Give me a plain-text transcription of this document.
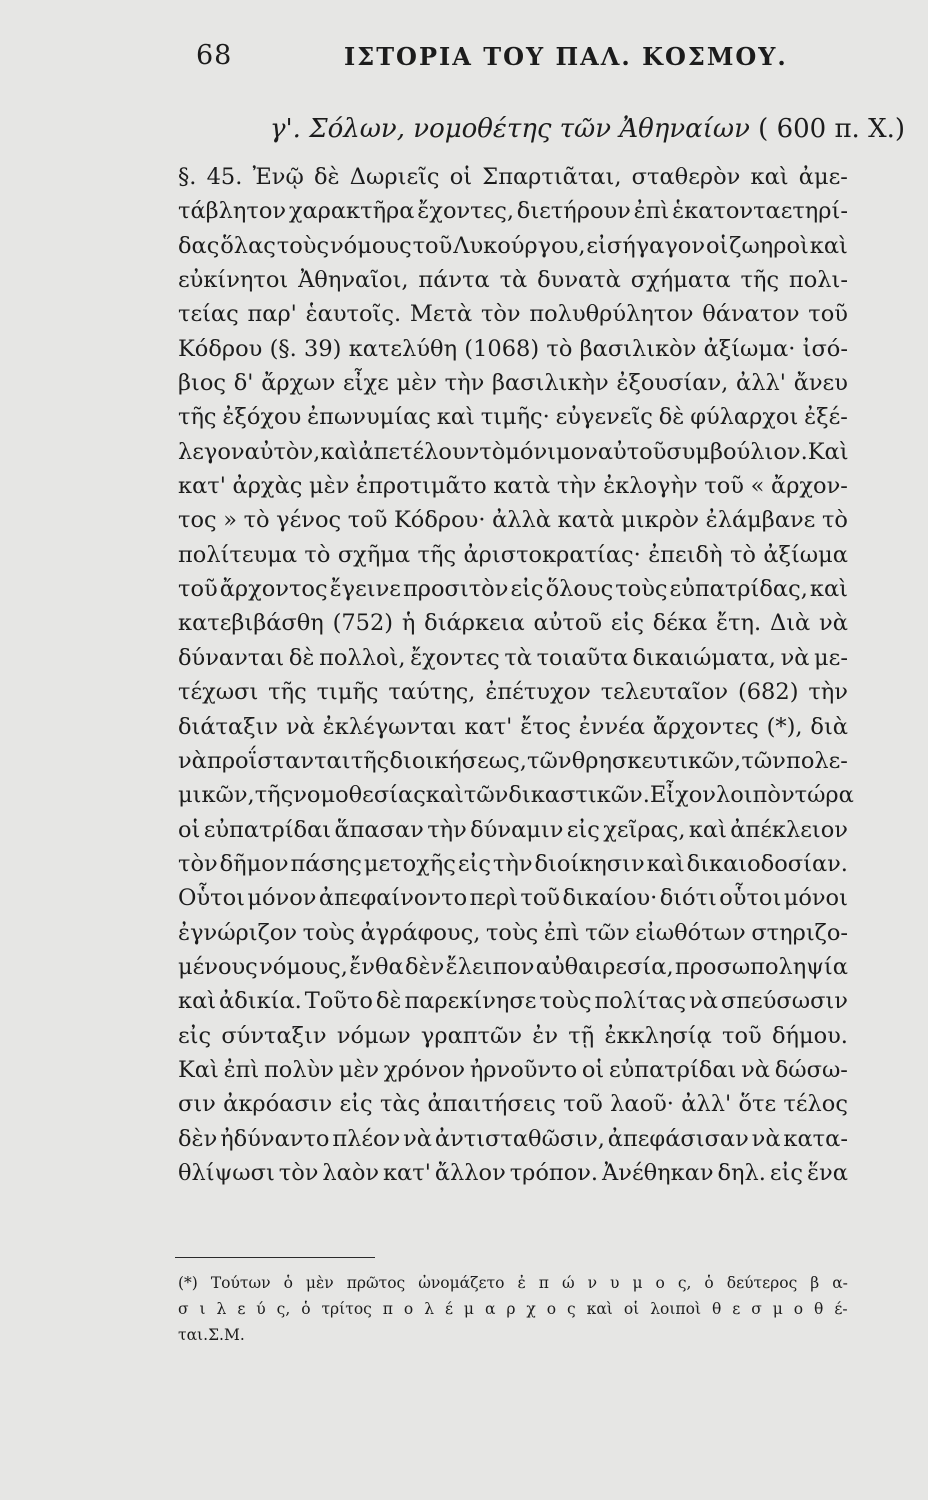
68	ΙΣΤΟΡΙΑ ΤΟΥ ΠΑΛ. ΚΟΣΜΟΥ.
γ'. Σόλων, νομοθέτης τῶν Ἀθηναίων ( 600 π. Χ.)
§. 45. Ἐνῷ δὲ Δωριεῖς οἱ Σπαρτιᾶται, σταθερὸν καὶ ἀμε-
τάβλητον χαρακτῆρα ἔχοντες, διετήρουν ἐπὶ ἑκατονταετηρί-
δας ὅλας τοὺς νόμους τοῦ Λυκούργου, εἰσήγαγον οἱ ζωηροὶ καὶ
εὐκίνητοι Ἀθηναῖοι, πάντα τὰ δυνατὰ σχήματα τῆς πολι-
τείας παρ' ἑαυτοῖς. Μετὰ τὸν πολυθρύλητον θάνατον τοῦ
Κόδρου (§. 39) κατελύθη (1068) τὸ βασιλικὸν ἀξίωμα· ἰσό-
βιος δ' ἄρχων εἶχε μὲν τὴν βασιλικὴν ἐξουσίαν, ἀλλ' ἄνευ
τῆς ἐξόχου ἐπωνυμίας καὶ τιμῆς· εὐγενεῖς δὲ φύλαρχοι ἐξέ-
λεγον αὐτὸν, καὶ ἀπετέλουν τὸ μόνιμον αὐτοῦ συμβούλιον. Καὶ
κατ' ἀρχὰς μὲν ἐπροτιμᾶτο κατὰ τὴν ἐκλογὴν τοῦ « ἄρχον-
τος » τὸ γένος τοῦ Κόδρου· ἀλλὰ κατὰ μικρὸν ἐλάμβανε τὸ
πολίτευμα τὸ σχῆμα τῆς ἀριστοκρατίας· ἐπειδὴ τὸ ἀξίωμα
τοῦ ἄρχοντος ἔγεινε προσιτὸν εἰς ὅλους τοὺς εὐπατρίδας, καὶ
κατεβιβάσθη (752) ἡ διάρκεια αὐτοῦ εἰς δέκα ἔτη. Διὰ νὰ
δύνανται δὲ πολλοὶ, ἔχοντες τὰ τοιαῦτα δικαιώματα, νὰ με-
τέχωσι τῆς τιμῆς ταύτης, ἐπέτυχον τελευταῖον (682) τὴν
διάταξιν νὰ ἐκλέγωνται κατ' ἔτος ἐννέα ἄρχοντες (*), διὰ
νὰ προΐστανται τῆς διοικήσεως, τῶν θρησκευτικῶν, τῶν πολε-
μικῶν, τῆς νομοθεσίας καὶ τῶν δικαστικῶν. Εἶχον λοιπὸν τώρα
οἱ εὐπατρίδαι ἅπασαν τὴν δύναμιν εἰς χεῖρας, καὶ ἀπέκλειον
τὸν δῆμον πάσης μετοχῆς εἰς τὴν διοίκησιν καὶ δικαιοδοσίαν.
Οὗτοι μόνον ἀπεφαίνοντο περὶ τοῦ δικαίου· διότι οὗτοι μόνοι
ἐγνώριζον τοὺς ἀγράφους, τοὺς ἐπὶ τῶν εἰωθότων στηριζο-
μένους νόμους, ἔνθα δὲν ἔλειπον αὐθαιρεσία, προσωποληψία
καὶ ἀδικία. Τοῦτο δὲ παρεκίνησε τοὺς πολίτας νὰ σπεύσωσιν
εἰς σύνταξιν νόμων γραπτῶν ἐν τῇ ἐκκλησίᾳ τοῦ δήμου.
Καὶ ἐπὶ πολὺν μὲν χρόνον ἠρνοῦντο οἱ εὐπατρίδαι νὰ δώσω-
σιν ἀκρόασιν εἰς τὰς ἀπαιτήσεις τοῦ λαοῦ· ἀλλ' ὅτε τέλος
δὲν ἠδύναντο πλέον νὰ ἀντισταθῶσιν, ἀπεφάσισαν νὰ κατα-
θλίψωσι τὸν λαὸν κατ' ἄλλον τρόπον. Ἀνέθηκαν δηλ. εἰς ἕνα
(*) Τούτων ὁ μὲν πρῶτος ὠνομάζετο ἐ π ώ ν υ μ ο ς, ὁ δεύτερος β α-
σ ι λ ε ύ ς, ὁ τρίτος π ο λ έ μ α ρ χ ο ς καὶ οἱ λοιποὶ θ ε σ μ ο θ έ-
τ α ι. Σ. Μ.
